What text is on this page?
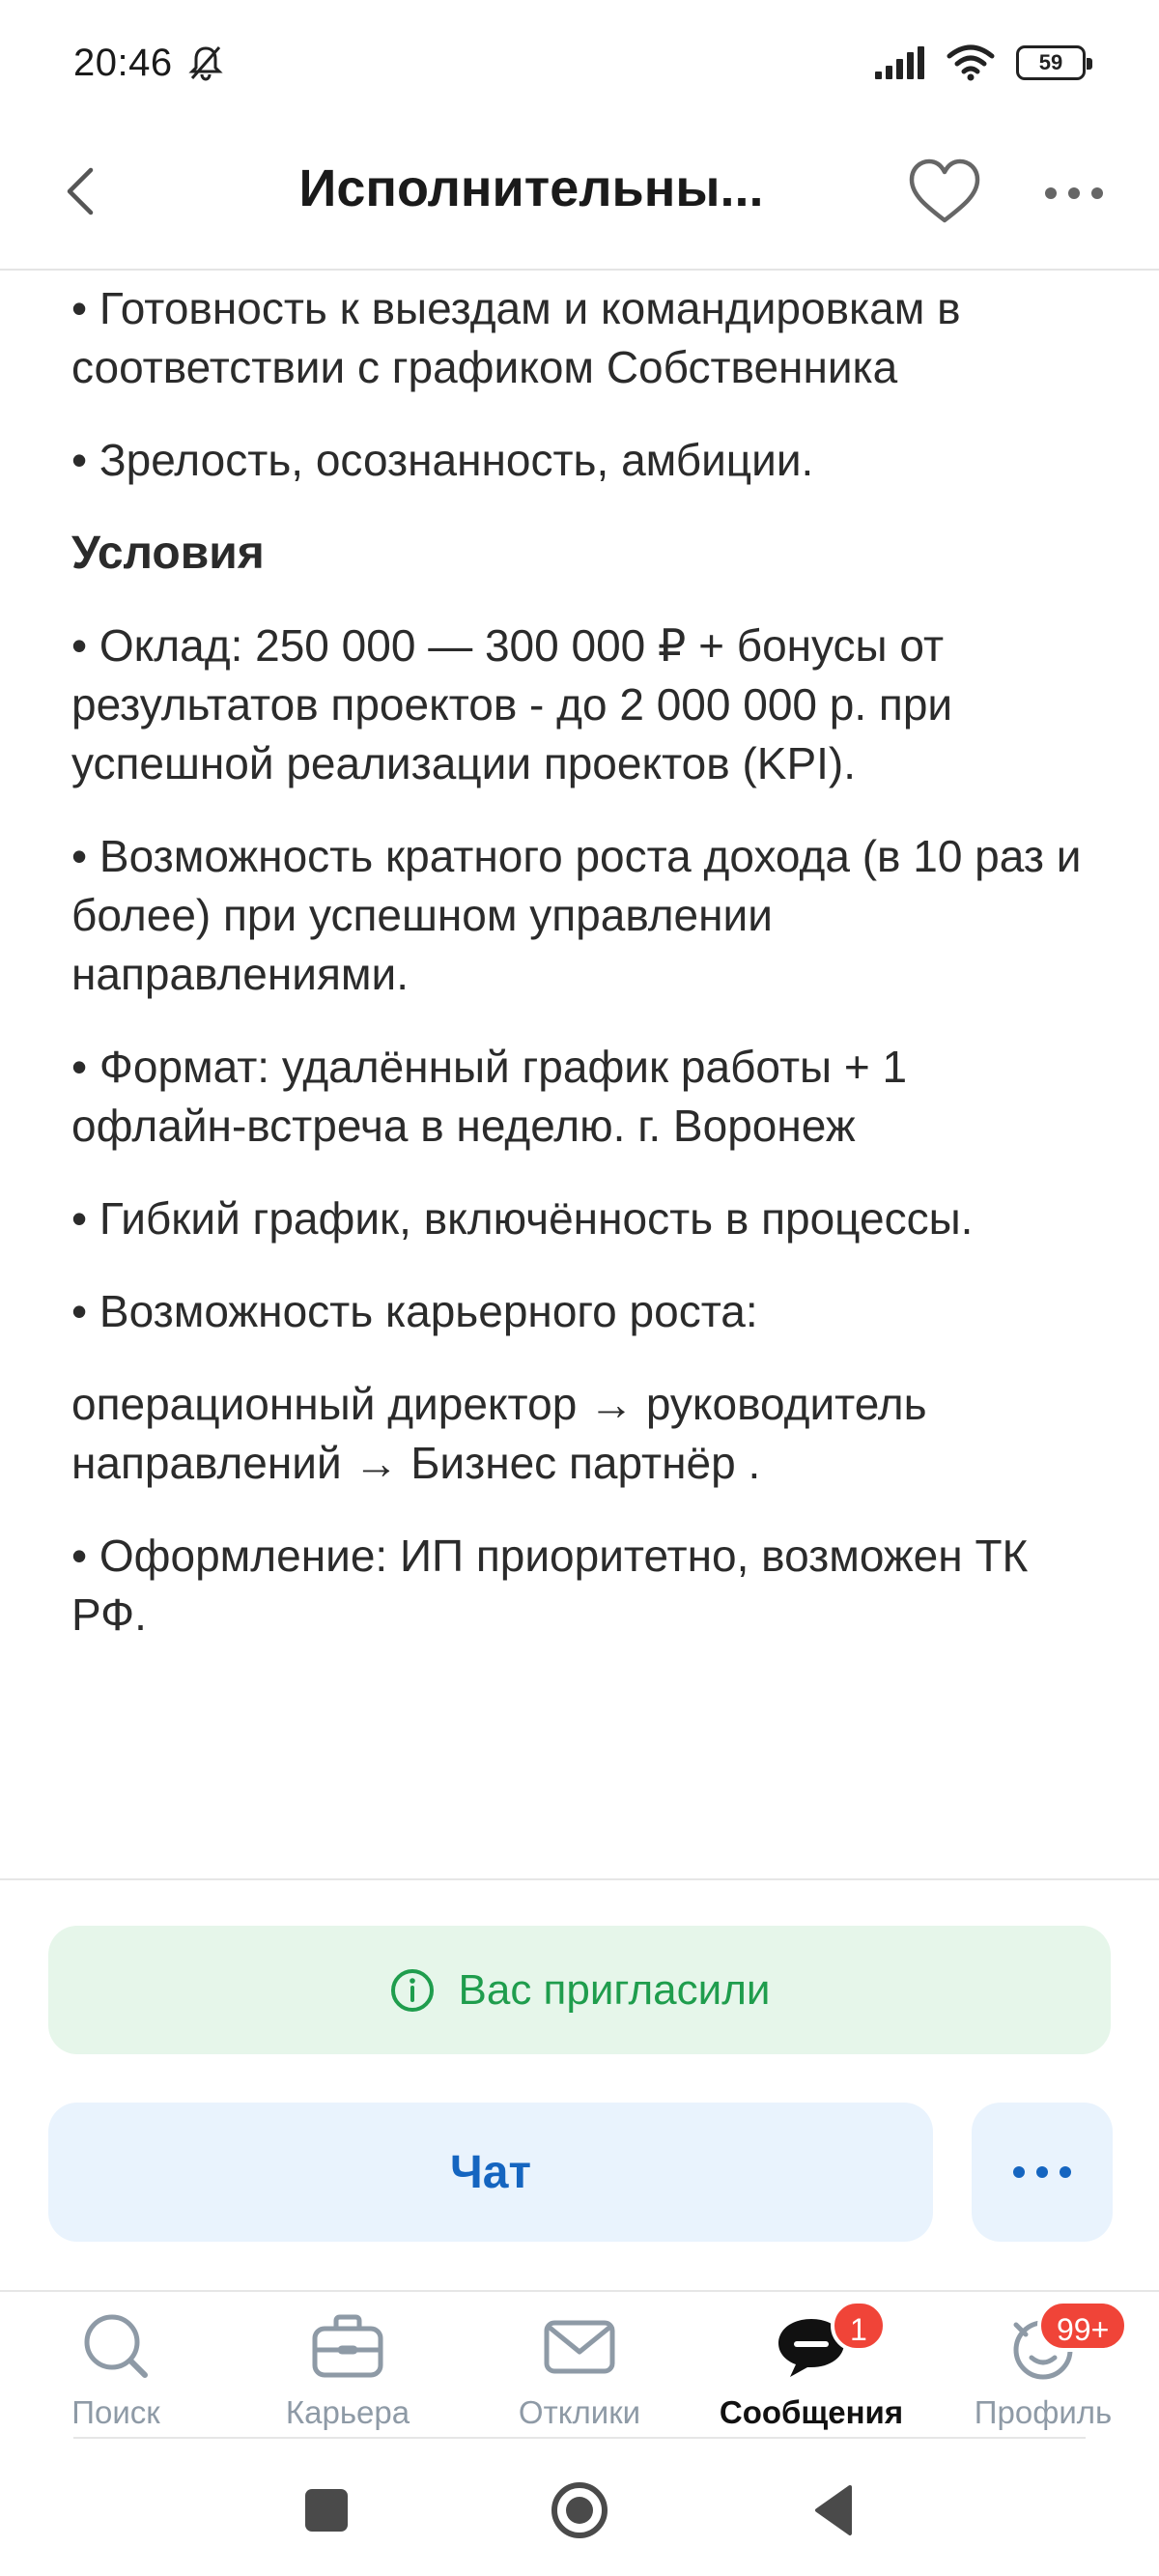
20:46	59
Исполнительны...

• Готовность к выездам и командировкам в соответствии с графиком Собственника

• Зрелость, осознанность, амбиции.

Условия

• Оклад: 250 000 — 300 000 ₽ + бонусы от результатов проектов - до 2 000 000 р. при успешной реализации проектов (KPI).

• Возможность кратного роста дохода (в 10 раз и более) при успешном управлении направлениями.

• Формат: удалённый график работы + 1 офлайн-встреча в неделю. г. Воронеж

• Гибкий график, включённость в процессы.

• Возможность карьерного роста:

операционный директор → руководитель направлений → Бизнес партнёр .

• Оформление: ИП приоритетно, возможен ТК РФ.

Вас пригласили
Чат
Поиск	Карьера	Отклики
1
Сообщения
99+
Профиль
